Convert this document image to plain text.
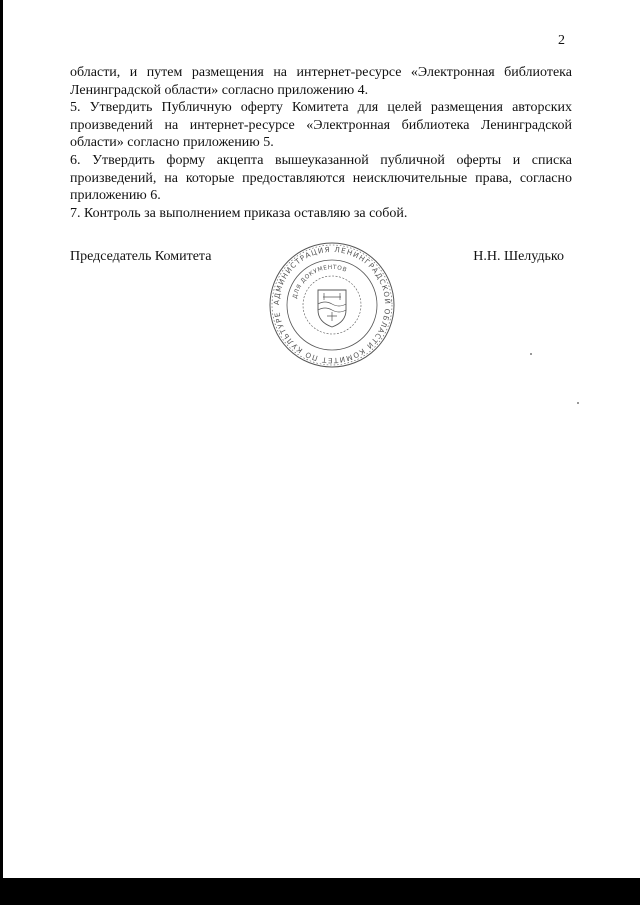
2

области, и путем размещения на интернет-ресурсе «Электронная библиотека Ленинградской области» согласно приложению 4.

5. Утвердить Публичную оферту Комитета для целей размещения авторских произведений на интернет-ресурсе «Электронная библиотека Ленинградской области» согласно приложению 5.

6. Утвердить форму акцепта вышеуказанной публичной оферты и списка произведений, на которые предоставляются неисключительные права, согласно приложению 6.

7. Контроль за выполнением приказа оставляю за собой.

Председатель Комитета	Н.Н. Шелудько
АДМИНИСТРАЦИЯ ЛЕНИНГРАДСКОЙ ОБЛАСТИ КОМИТЕТ ПО КУЛЬТУРЕ
ДЛЯ ДОКУМЕНТОВ
